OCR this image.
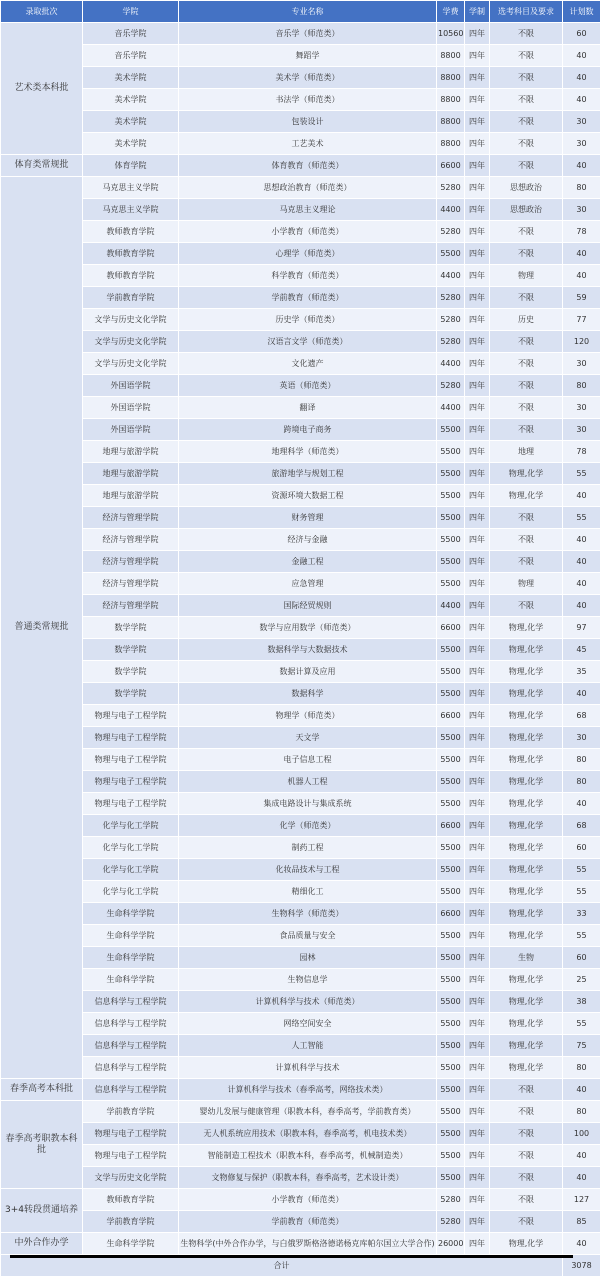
录取批次	学院	专业名称	学费	学制	选考科目及要求	计划数
艺术类本科批	音乐学院	音乐学（师范类）	10560	四年	不限	60
	音乐学院	舞蹈学	8800	四年	不限	40
	美术学院	美术学（师范类）	8800	四年	不限	40
	美术学院	书法学（师范类）	8800	四年	不限	40
	美术学院	包装设计	8800	四年	不限	30
	美术学院	工艺美术	8800	四年	不限	30
体育类常规批	体育学院	体育教育（师范类）	6600	四年	不限	40
普通类常规批	马克思主义学院	思想政治教育（师范类）	5280	四年	思想政治	80
	马克思主义学院	马克思主义理论	4400	四年	思想政治	30
	教师教育学院	小学教育（师范类）	5280	四年	不限	78
	教师教育学院	心理学（师范类）	5500	四年	不限	40
	教师教育学院	科学教育（师范类）	4400	四年	物理	40
	学前教育学院	学前教育（师范类）	5280	四年	不限	59
	文学与历史文化学院	历史学（师范类）	5280	四年	历史	77
	文学与历史文化学院	汉语言文学（师范类）	5280	四年	不限	120
	文学与历史文化学院	文化遗产	4400	四年	不限	30
	外国语学院	英语（师范类）	5280	四年	不限	80
	外国语学院	翻译	4400	四年	不限	30
	外国语学院	跨境电子商务	5500	四年	不限	30
	地理与旅游学院	地理科学（师范类）	5500	四年	地理	78
	地理与旅游学院	旅游地学与规划工程	5500	四年	物理,化学	55
	地理与旅游学院	资源环境大数据工程	5500	四年	物理,化学	40
	经济与管理学院	财务管理	5500	四年	不限	55
	经济与管理学院	经济与金融	5500	四年	不限	40
	经济与管理学院	金融工程	5500	四年	不限	40
	经济与管理学院	应急管理	5500	四年	物理	40
	经济与管理学院	国际经贸规则	4400	四年	不限	40
	数学学院	数学与应用数学（师范类）	6600	四年	物理,化学	97
	数学学院	数据科学与大数据技术	5500	四年	物理,化学	45
	数学学院	数据计算及应用	5500	四年	物理,化学	35
	数学学院	数据科学	5500	四年	物理,化学	40
	物理与电子工程学院	物理学（师范类）	6600	四年	物理,化学	68
	物理与电子工程学院	天文学	5500	四年	物理,化学	30
	物理与电子工程学院	电子信息工程	5500	四年	物理,化学	80
	物理与电子工程学院	机器人工程	5500	四年	物理,化学	80
	物理与电子工程学院	集成电路设计与集成系统	5500	四年	物理,化学	40
	化学与化工学院	化学（师范类）	6600	四年	物理,化学	68
	化学与化工学院	制药工程	5500	四年	物理,化学	60
	化学与化工学院	化妆品技术与工程	5500	四年	物理,化学	55
	化学与化工学院	精细化工	5500	四年	物理,化学	55
	生命科学学院	生物科学（师范类）	6600	四年	物理,化学	33
	生命科学学院	食品质量与安全	5500	四年	物理,化学	55
	生命科学学院	园林	5500	四年	生物	60
	生命科学学院	生物信息学	5500	四年	物理,化学	25
	信息科学与工程学院	计算机科学与技术（师范类）	5500	四年	物理,化学	38
	信息科学与工程学院	网络空间安全	5500	四年	物理,化学	55
	信息科学与工程学院	人工智能	5500	四年	物理,化学	75
	信息科学与工程学院	计算机科学与技术	5500	四年	物理,化学	80
春季高考本科批	信息科学与工程学院	计算机科学与技术（春季高考，网络技术类）	5500	四年	不限	40
春季高考职教本科批	学前教育学院	婴幼儿发展与健康管理（职教本科，春季高考，学前教育类）	5500	四年	不限	80
	物理与电子工程学院	无人机系统应用技术（职教本科，春季高考，机电技术类）	5500	四年	不限	100
	物理与电子工程学院	智能制造工程技术（职教本科，春季高考，机械制造类）	5500	四年	不限	40
	文学与历史文化学院	文物修复与保护（职教本科，春季高考，艺术设计类）	5500	四年	不限	40
3+4转段贯通培养	教师教育学院	小学教育（师范类）	5280	四年	不限	127
	学前教育学院	学前教育（师范类）	5280	四年	不限	85
中外合作办学	生命科学学院	生物科学(中外合作办学，与白俄罗斯格洛德诺杨克库帕尔国立大学合作)	26000	四年	物理,化学	40
合计						3078
